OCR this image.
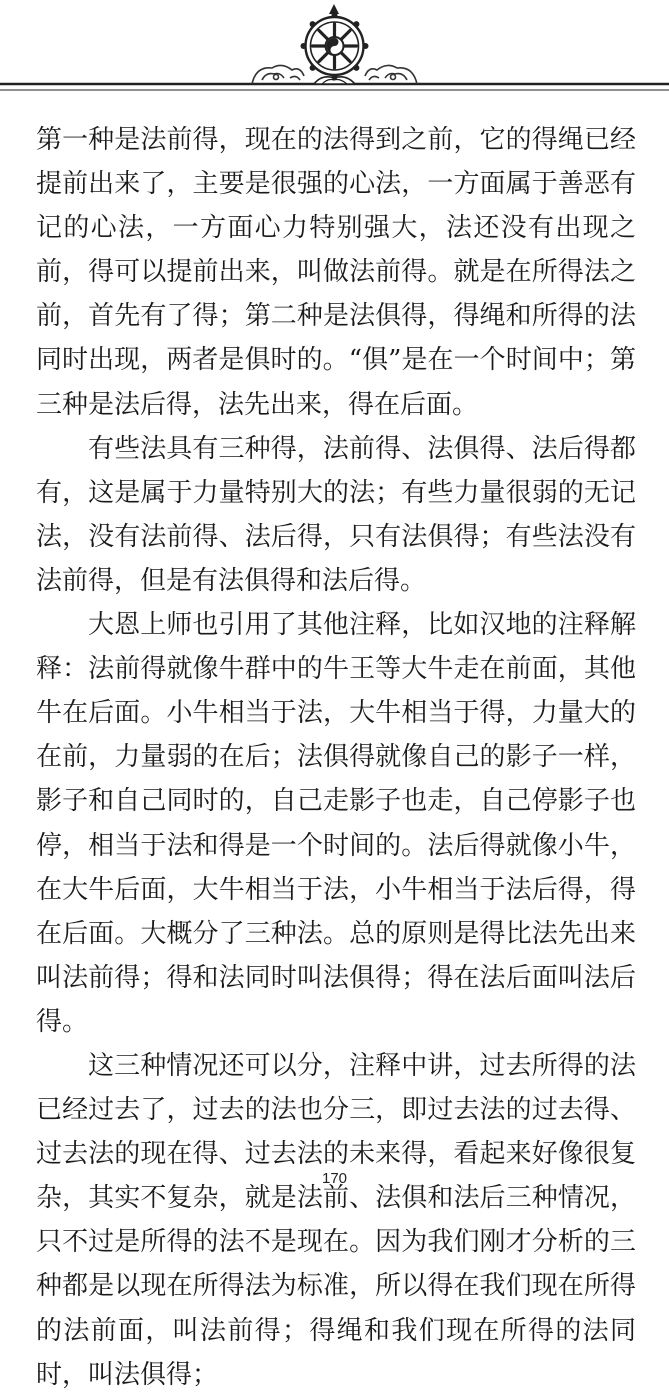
第一种是法前得，现在的法得到之前，它的得绳已经提前出来了，主要是很强的心法，一方面属于善恶有记的心法，一方面心力特别强大，法还没有出现之前，得可以提前出来，叫做法前得。就是在所得法之前，首先有了得；第二种是法俱得，得绳和所得的法同时出现，两者是俱时的。“俱”是在一个时间中；第三种是法后得，法先出来，得在后面。

有些法具有三种得，法前得、法俱得、法后得都有，这是属于力量特别大的法；有些力量很弱的无记法，没有法前得、法后得，只有法俱得；有些法没有法前得，但是有法俱得和法后得。

大恩上师也引用了其他注释，比如汉地的注释解释：法前得就像牛群中的牛王等大牛走在前面，其他牛在后面。小牛相当于法，大牛相当于得，力量大的在前，力量弱的在后；法俱得就像自己的影子一样，影子和自己同时的，自己走影子也走，自己停影子也停，相当于法和得是一个时间的。法后得就像小牛，在大牛后面，大牛相当于法，小牛相当于法后得，得在后面。大概分了三种法。总的原则是得比法先出来叫法前得；得和法同时叫法俱得；得在法后面叫法后得。

这三种情况还可以分，注释中讲，过去所得的法已经过去了，过去的法也分三，即过去法的过去得、过去法的现在得、过去法的未来得，看起来好像很复杂，其实不复杂，就是法前、法俱和法后三种情况，只不过是所得的法不是现在。因为我们刚才分析的三种都是以现在所得法为标准，所以得在我们现在所得的法前面，叫法前得；得绳和我们现在所得的法同时，叫法俱得；

170
